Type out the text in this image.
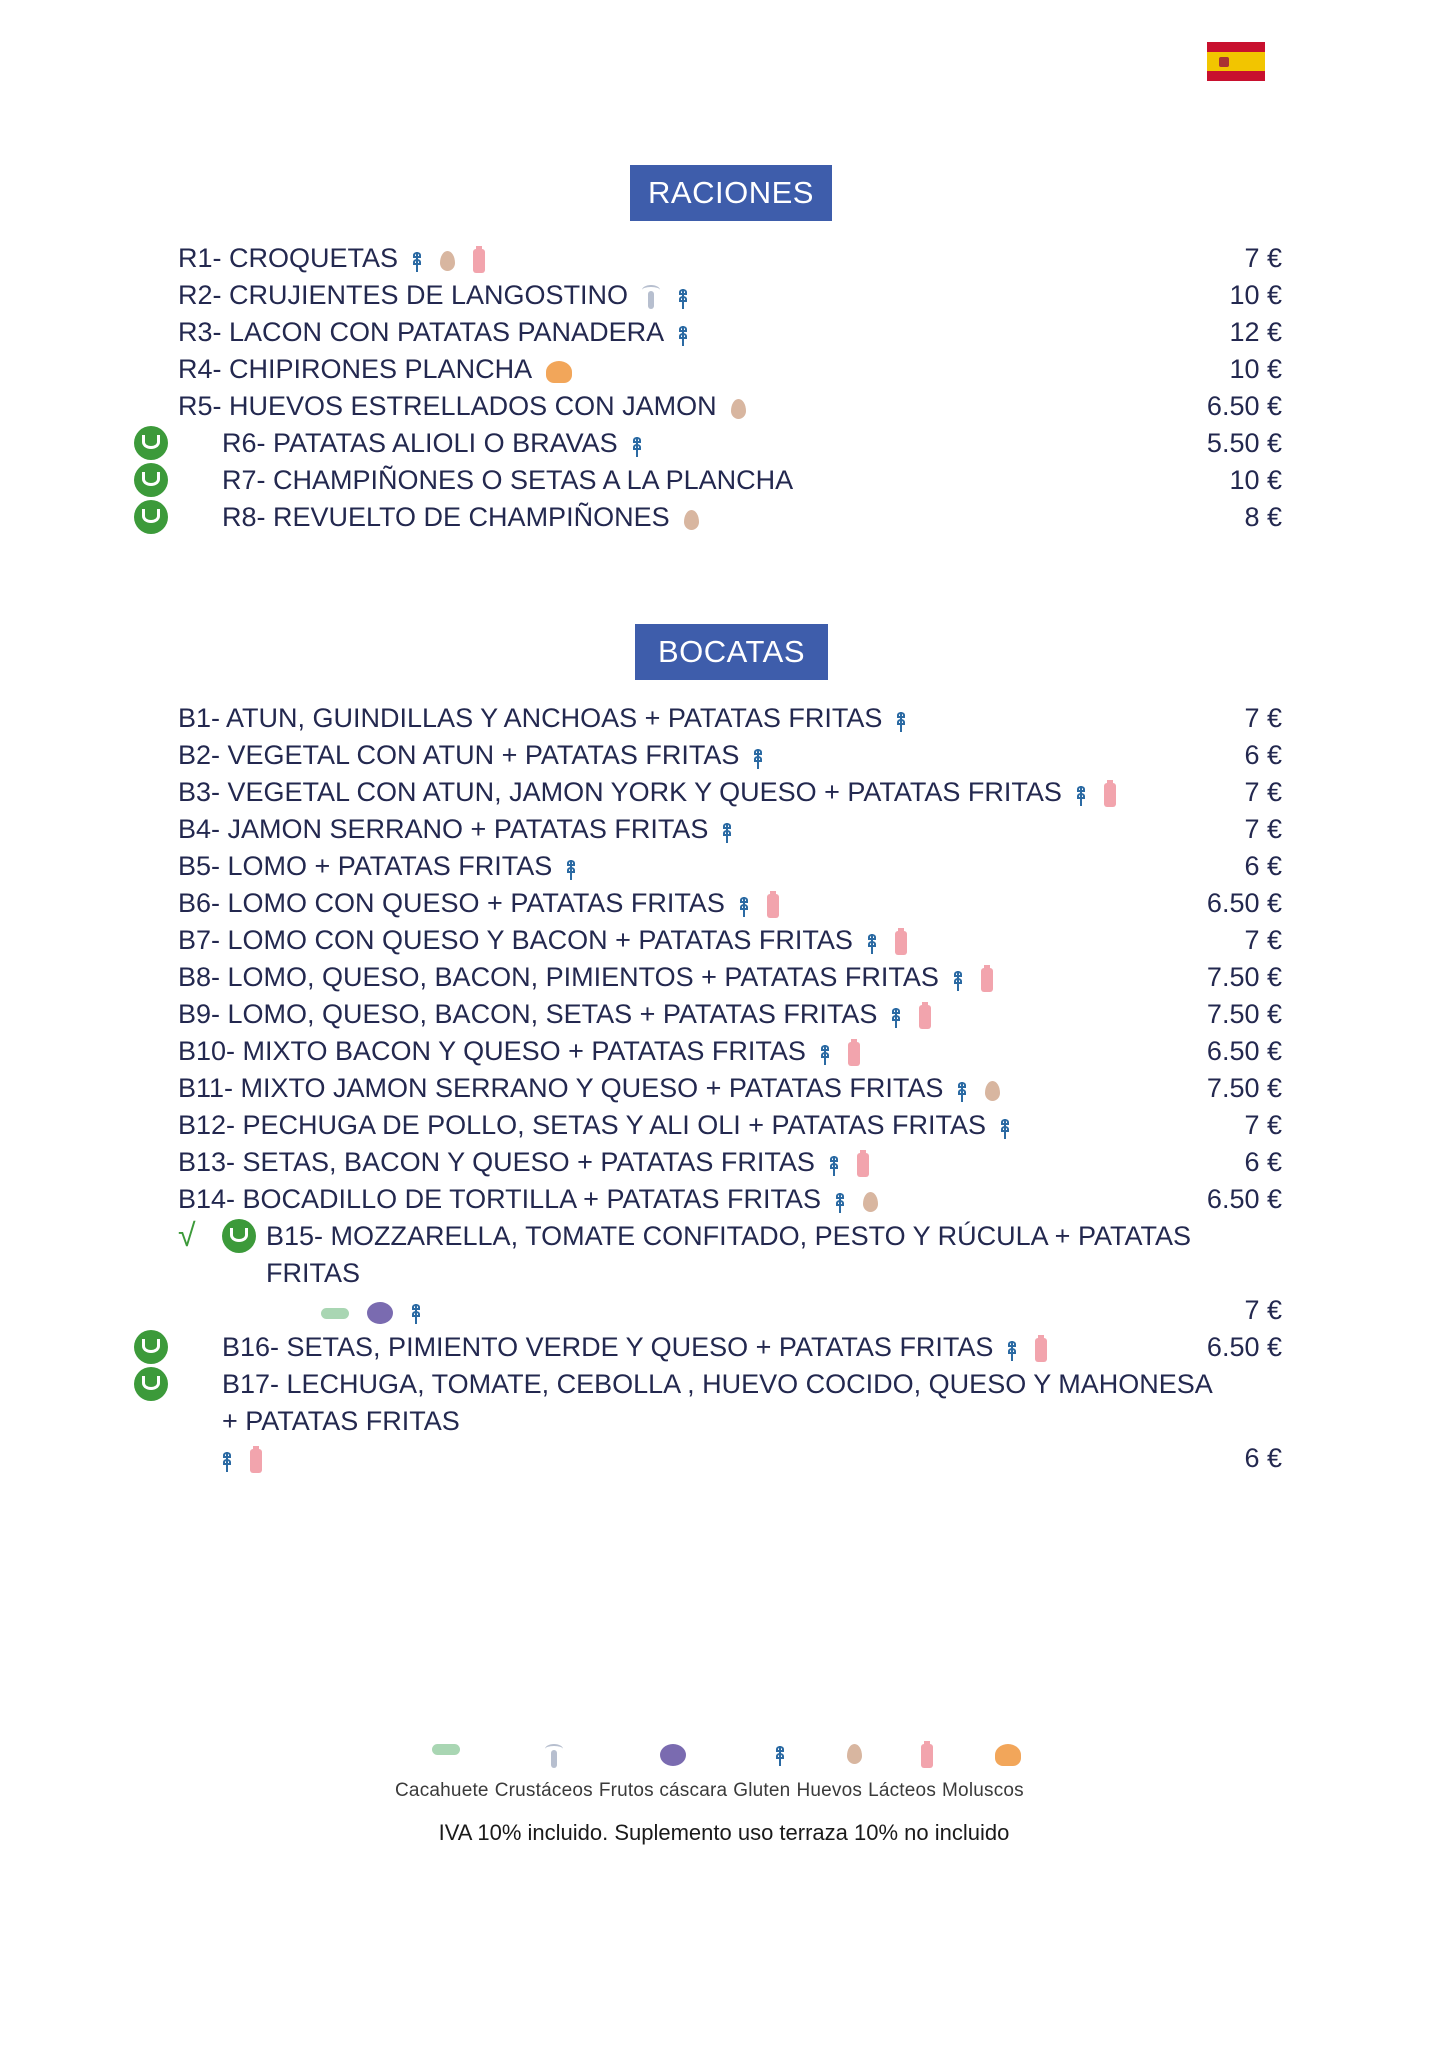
RACIONES
R1- CROQUETAS	7 €
R2- CRUJIENTES DE LANGOSTINO	10 €
R3- LACON CON PATATAS PANADERA	12 €
R4- CHIPIRONES PLANCHA	10 €
R5- HUEVOS ESTRELLADOS CON JAMON	6.50 €
R6- PATATAS ALIOLI O BRAVAS	5.50 €
R7- CHAMPIÑONES O SETAS A LA PLANCHA	10 €
R8- REVUELTO DE CHAMPIÑONES	8 €
BOCATAS
B1- ATUN, GUINDILLAS Y ANCHOAS + PATATAS FRITAS	7 €
B2- VEGETAL CON ATUN + PATATAS FRITAS	6 €
B3- VEGETAL CON ATUN, JAMON YORK Y QUESO + PATATAS FRITAS	7 €
B4- JAMON SERRANO + PATATAS FRITAS	7 €
B5- LOMO + PATATAS FRITAS	6 €
B6- LOMO CON QUESO + PATATAS FRITAS	6.50 €
B7- LOMO CON QUESO Y BACON + PATATAS FRITAS	7 €
B8- LOMO, QUESO, BACON, PIMIENTOS + PATATAS FRITAS	7.50 €
B9- LOMO, QUESO, BACON, SETAS + PATATAS FRITAS	7.50 €
B10- MIXTO BACON Y QUESO + PATATAS FRITAS	6.50 €
B11- MIXTO JAMON SERRANO Y QUESO + PATATAS FRITAS	7.50 €
B12- PECHUGA DE POLLO, SETAS Y ALI OLI + PATATAS FRITAS	7 €
B13- SETAS, BACON Y QUESO + PATATAS FRITAS	6 €
B14- BOCADILLO DE TORTILLA + PATATAS FRITAS	6.50 €
√	B15- MOZZARELLA, TOMATE CONFITADO, PESTO Y RÚCULA + PATATAS FRITAS
7 €
B16- SETAS, PIMIENTO VERDE Y QUESO + PATATAS FRITAS	6.50 €
B17- LECHUGA, TOMATE, CEBOLLA , HUEVO COCIDO, QUESO Y MAHONESA + PATATAS FRITAS
6 €
Cacahuete Crustáceos Frutos cáscara Gluten Huevos Lácteos Moluscos
IVA 10% incluido. Suplemento uso terraza 10% no incluido
